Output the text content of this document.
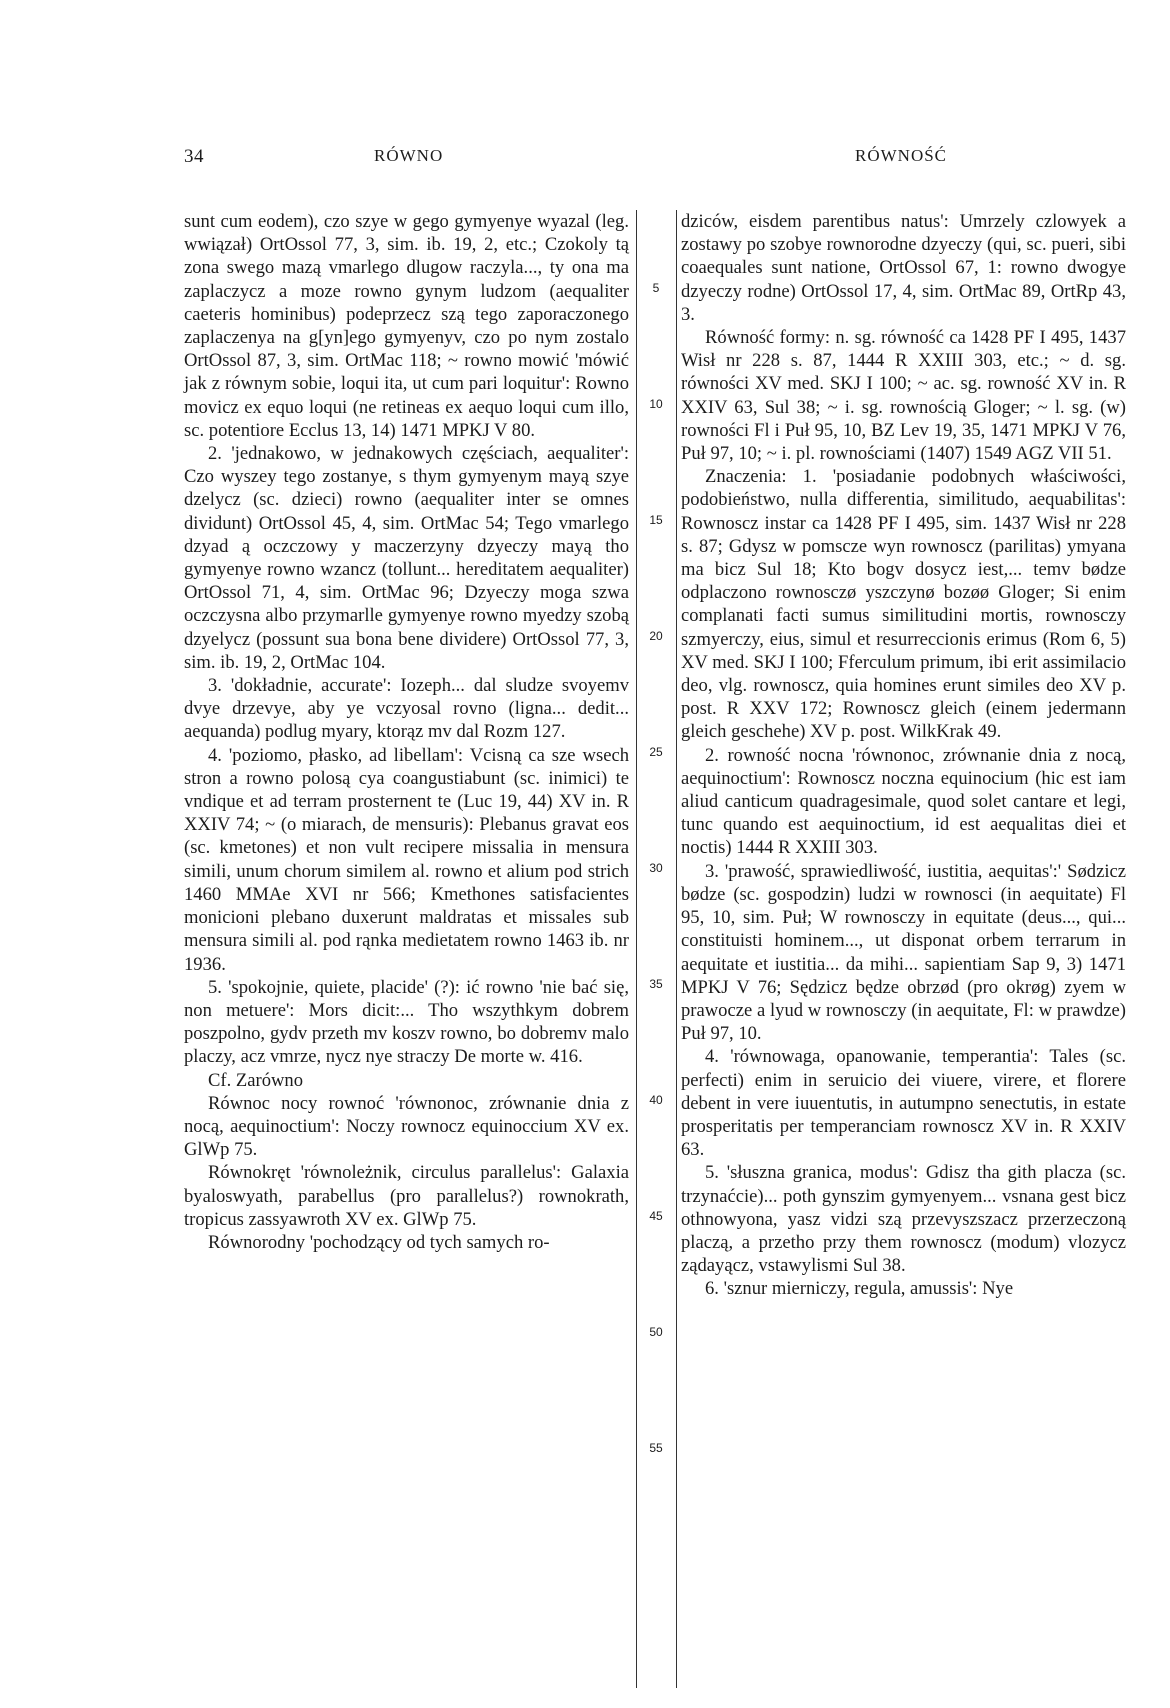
34	RÓWNO	RÓWNOŚĆ

sunt cum eodem), czo szye w gego gymyenye wyazal (leg. wwiązał) OrtOssol 77, 3, sim. ib. 19, 2, etc.; Czokoly tą zona swego mazą vmarlego dlugow raczyla..., ty ona ma zaplaczycz a moze rowno gynym ludzom (aequaliter caeteris hominibus) podeprzecz szą tego zaporaczonego zaplaczenya na g[yn]ego gymyenyv, czo po nym zostalo OrtOssol 87, 3, sim. OrtMac 118; ~ rowno mowić 'mówić jak z równym sobie, loqui ita, ut cum pari loquitur': Rowno movicz ex equo loqui (ne retineas ex aequo loqui cum illo, sc. potentiore Ecclus 13, 14) 1471 MPKJ V 80.

2. 'jednakowo, w jednakowych częściach, aequaliter': Czo wyszey tego zostanye, s thym gymyenym mayą szye dzelycz (sc. dzieci) rowno (aequaliter inter se omnes dividunt) OrtOssol 45, 4, sim. OrtMac 54; Tego vmarlego dzyad ą oczczowy y maczerzyny dzyeczy mayą tho gymyenye rowno wzancz (tollunt... hereditatem aequaliter) OrtOssol 71, 4, sim. OrtMac 96; Dzyeczy moga szwa oczczysna albo przymarlle gymyenye rowno myedzy szobą dzyelycz (possunt sua bona bene dividere) OrtOssol 77, 3, sim. ib. 19, 2, OrtMac 104.

3. 'dokładnie, accurate': Iozeph... dal sludze svoyemv dvye drzevye, aby ye vczyosal rovno (ligna... dedit... aequanda) podlug myary, ktorąz mv dal Rozm 127.

4. 'poziomo, płasko, ad libellam': Vcisną ca sze wsech stron a rowno polosą cya coangustiabunt (sc. inimici) te vndique et ad terram prosternent te (Luc 19, 44) XV in. R XXIV 74; ~ (o miarach, de mensuris): Plebanus gravat eos (sc. kmetones) et non vult recipere missalia in mensura simili, unum chorum similem al. rowno et alium pod strich 1460 MMAe XVI nr 566; Kmethones satisfacientes monicioni plebano duxerunt maldratas et missales sub mensura simili al. pod rąnka medietatem rowno 1463 ib. nr 1936.

5. 'spokojnie, quiete, placide' (?): ić rowno 'nie bać się, non metuere': Mors dicit:... Tho wszythkym dobrem poszpolno, gydv przeth mv koszv rowno, bo dobremv malo placzy, acz vmrze, nycz nye straczy De morte w. 416.

Cf. Zarówno

Równoc nocy rownoć 'równonoc, zrównanie dnia z nocą, aequinoctium': Noczy rownocz equinoccium XV ex. GlWp 75.

Równokręt 'równoleżnik, circulus parallelus': Galaxia byaloswyath, parabellus (pro parallelus?) rownokrath, tropicus zassyawroth XV ex. GlWp 75.

Równorodny 'pochodzący od tych samych ro-

5
10
15
20
25
30
35
40
45
50
55

dziców, eisdem parentibus natus': Umrzely czlowyek a zostawy po szobye rownorodne dzyeczy (qui, sc. pueri, sibi coaequales sunt natione, OrtOssol 67, 1: rowno dwogye dzyeczy rodne) OrtOssol 17, 4, sim. OrtMac 89, OrtRp 43, 3.

Równość formy: n. sg. równość ca 1428 PF I 495, 1437 Wisł nr 228 s. 87, 1444 R XXIII 303, etc.; ~ d. sg. równości XV med. SKJ I 100; ~ ac. sg. rowność XV in. R XXIV 63, Sul 38; ~ i. sg. rownością Gloger; ~ l. sg. (w) rowności Fl i Puł 95, 10, BZ Lev 19, 35, 1471 MPKJ V 76, Puł 97, 10; ~ i. pl. rownościami (1407) 1549 AGZ VII 51.

Znaczenia: 1. 'posiadanie podobnych właściwości, podobieństwo, nulla differentia, similitudo, aequabilitas': Rownoscz instar ca 1428 PF I 495, sim. 1437 Wisł nr 228 s. 87; Gdysz w pomscze wyn rownoscz (parilitas) ymyana ma bicz Sul 18; Kto bogv dosycz iest,... temv bødze odplaczono rownosczø yszczynø bozøø Gloger; Si enim complanati facti sumus similitudini mortis, rownosczy szmyerczy, eius, simul et resurreccionis erimus (Rom 6, 5) XV med. SKJ I 100; Fferculum primum, ibi erit assimilacio deo, vlg. rownoscz, quia homines erunt similes deo XV p. post. R XXV 172; Rownoscz gleich (einem jedermann gleich geschehe) XV p. post. WilkKrak 49.

2. rowność nocna 'równonoc, zrównanie dnia z nocą, aequinoctium': Rownoscz noczna equinocium (hic est iam aliud canticum quadragesimale, quod solet cantare et legi, tunc quando est aequinoctium, id est aequalitas diei et noctis) 1444 R XXIII 303.

3. 'prawość, sprawiedliwość, iustitia, aequitas':' Sødzicz bødze (sc. gospodzin) ludzi w rownosci (in aequitate) Fl 95, 10, sim. Puł; W rownosczy in equitate (deus..., qui... constituisti hominem..., ut disponat orbem terrarum in aequitate et iustitia... da mihi... sapientiam Sap 9, 3) 1471 MPKJ V 76; Sędzicz będze obrzød (pro okrøg) zyem w prawocze a lyud w rownosczy (in aequitate, Fl: w prawdze) Puł 97, 10.

4. 'równowaga, opanowanie, temperantia': Tales (sc. perfecti) enim in seruicio dei viuere, virere, et florere debent in vere iuuentutis, in autumpno senectutis, in estate prosperitatis per temperanciam rownoscz XV in. R XXIV 63.

5. 'słuszna granica, modus': Gdisz tha gith placza (sc. trzynaćcie)... poth gynszim gymyenyem... vsnana gest bicz othnowyona, yasz vidzi szą przevyszszacz przerzeczoną placzą, a przetho przy them rownoscz (modum) vlozycz ządayącz, vstawylismi Sul 38.

6. 'sznur mierniczy, regula, amussis': Nye
